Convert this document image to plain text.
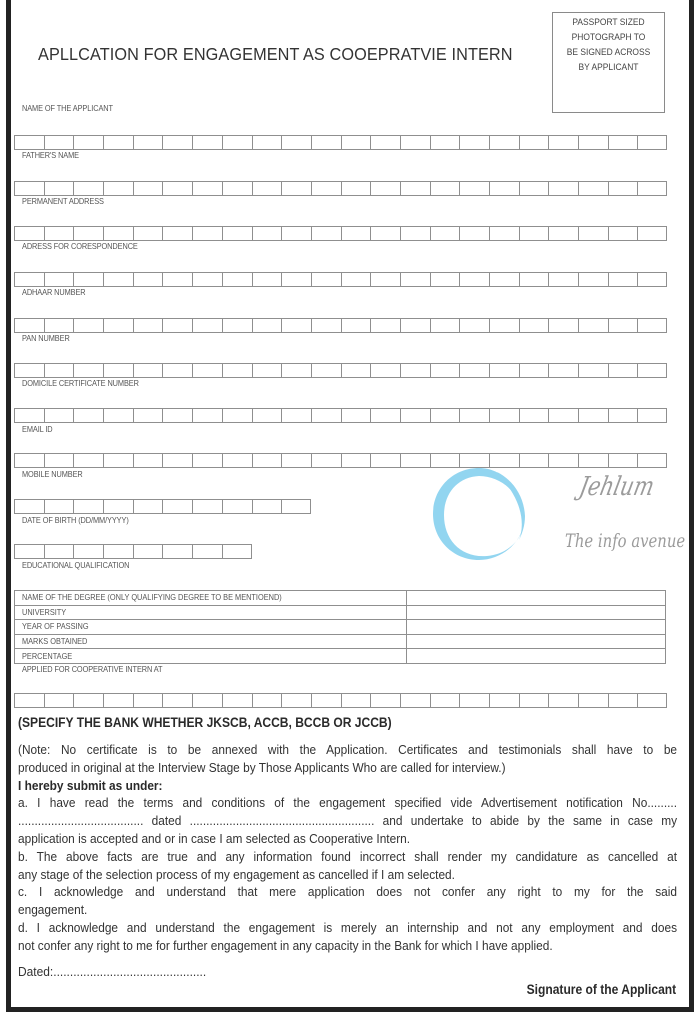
APLLCATION FOR ENGAGEMENT AS COOEPRATVIE INTERN
PASSPORT SIZED
PHOTOGRAPH TO
BE SIGNED ACROSS
BY APPLICANT
NAME OF THE APPLICANT
FATHER'S NAME
PERMANENT ADDRESS
ADRESS FOR CORESPONDENCE
ADHAAR NUMBER
PAN NUMBER
DOMICILE CERTIFICATE NUMBER
EMAIL ID
MOBILE NUMBER
DATE OF BIRTH (DD/MM/YYYY)
EDUCATIONAL QUALIFICATION
NAME OF THE DEGREE (ONLY QUALIFYING DEGREE TO BE MENTIOEND)	
UNIVERSITY	
YEAR OF PASSING	
MARKS OBTAINED	
PERCENTAGE	
APPLIED FOR COOPERATIVE INTERN AT
(SPECIFY THE BANK WHETHER JKSCB, ACCB, BCCB OR JCCB)
(Note: No certificate is to be annexed with the Application. Certificates and testimonials shall have to be
produced in original at the Interview Stage by Those Applicants Who are called for interview.)
I hereby submit as under:
a. I have read the terms and conditions of the engagement specified vide Advertisement notification No.........
...................................... dated ........................................................ and undertake to abide by the same in case my
application is accepted and or in case I am selected as Cooperative Intern.
b. The above facts are true and any information found incorrect shall render my candidature as cancelled at
any stage of the selection process of my engagement as cancelled if I am selected.
c. I acknowledge and understand that mere application does not confer any right to my for the said
engagement.
d. I acknowledge and understand the engagement is merely an internship and not any employment and does
not confer any right to me for further engagement in any capacity in the Bank for which I have applied.
Dated:..............................................
Signature of the Applicant
Jehlum
The info avenue
